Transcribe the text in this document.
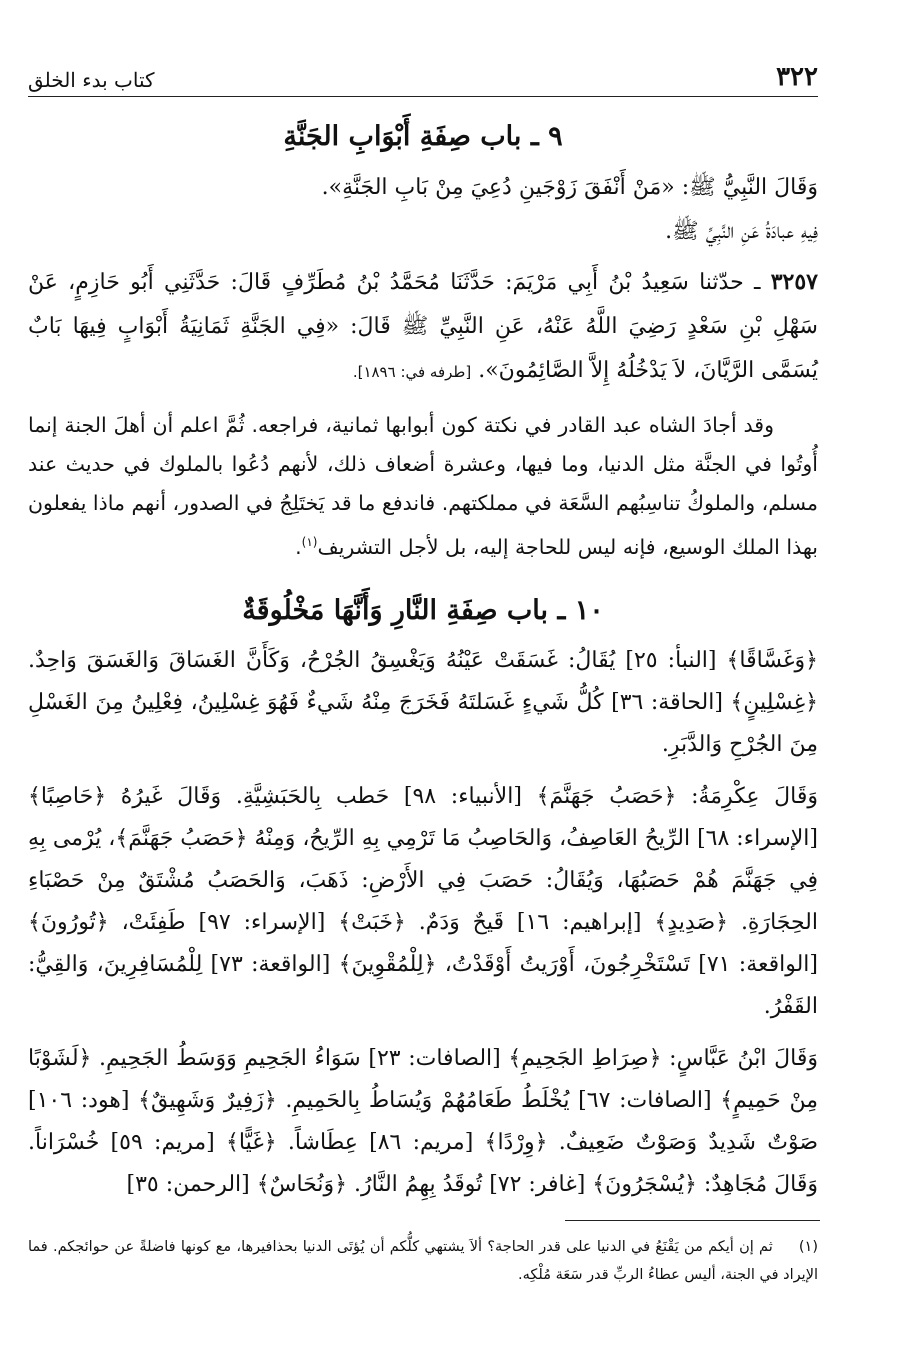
٣٢٢
كتاب بدء الخلق
٩ ـ باب صِفَةِ أَبْوَابِ الجَنَّةِ

وَقَالَ النَّبِيُّ ﷺ: «مَنْ أَنْفَقَ زَوْجَينِ دُعِيَ مِنْ بَابِ الجَنَّةِ».

فِيهِ عبادَةُ عَنِ النَّبِيِّ ﷺ.

٣٢٥٧ ـ حدّثنا سَعِيدُ بْنُ أَبِي مَرْيَمَ: حَدَّثَنَا مُحَمَّدُ بْنُ مُطَرِّفٍ قَالَ: حَدَّثَنِي أَبُو حَازِمٍ، عَنْ سَهْلِ بْنِ سَعْدٍ رَضِيَ اللَّهُ عَنْهُ، عَنِ النَّبِيِّ ﷺ قَالَ: «فِي الجَنَّةِ ثَمَانِيَةُ أَبْوَابٍ فِيهَا بَابٌ يُسَمَّى الرَّيَّانَ، لاَ يَدْخُلُهُ إِلاَّ الصَّائِمُونَ». [طرفه في: ١٨٩٦].

وقد أجادَ الشاه عبد القادر في نكتة كون أبوابها ثمانية، فراجعه. ثُمَّ اعلم أن أهلَ الجنة إنما أُوتُوا في الجنَّة مثل الدنيا، وما فيها، وعشرة أضعاف ذلك، لأنهم دُعُوا بالملوك في حديث عند مسلم، والملوكُ تناسِبُهم السَّعَة في مملكتهم. فاندفع ما قد يَختَلِجُ في الصدور، أنهم ماذا يفعلون بهذا الملك الوسيع، فإنه ليس للحاجة إليه، بل لأجل التشريف$^{(١)}$.

١٠ ـ باب صِفَةِ النَّارِ وَأَنَّهَا مَخْلُوقَةٌ

﴿وَغَسَّاقًا﴾ [النبأ: ٢٥] يُقَالُ: غَسَقَتْ عَيْنُهُ وَيَغْسِقُ الجُرْحُ، وَكَأَنَّ الغَسَاقَ وَالغَسَقَ وَاحِدٌ. ﴿غِسْلِينٍ﴾ [الحاقة: ٣٦] كُلُّ شَيءٍ غَسَلتَهُ فَخَرَجَ مِنْهُ شَيءٌ فَهُوَ غِسْلِينُ، فِعْلِينُ مِنَ الغَسْلِ مِنَ الجُرْحِ وَالدَّبَرِ.

وَقَالَ عِكْرِمَةُ: ﴿حَصَبُ جَهَنَّمَ﴾ [الأنبياء: ٩٨] حَطب بِالحَبَشِيَّةِ. وَقَالَ غَيرُهُ ﴿حَاصِبًا﴾ [الإسراء: ٦٨] الرِّيحُ العَاصِفُ، وَالحَاصِبُ مَا تَرْمِي بِهِ الرِّيحُ، وَمِنْهُ ﴿حَصَبُ جَهَنَّمَ﴾، يُرْمى بِهِ فِي جَهَنَّمَ هُمْ حَصَبُهَا، وَيُقَالُ: حَصَبَ فِي الأَرْضِ: ذَهَبَ، وَالحَصَبُ مُشْتَقٌ مِنْ حَصْبَاءِ الحِجَارَةِ. ﴿صَدِيدٍ﴾ [إبراهيم: ١٦] قَيحٌ وَدَمٌ. ﴿خَبَتْ﴾ [الإسراء: ٩٧] طَفِئَتْ، ﴿تُورُونَ﴾ [الواقعة: ٧١] تَسْتَخْرِجُونَ، أَوْرَيتُ أَوْقَدْتُ، ﴿لِلْمُقْوِينَ﴾ [الواقعة: ٧٣] لِلْمُسَافِرِينَ، وَالقِيُّ: القَفْرُ.

وَقَالَ ابْنُ عَبَّاسٍ: ﴿صِرَاطِ الجَحِيمِ﴾ [الصافات: ٢٣] سَوَاءُ الجَحِيمِ وَوَسَطُ الجَحِيمِ. ﴿لَشَوْبًا مِنْ حَمِيمٍ﴾ [الصافات: ٦٧] يُخْلَطُ طَعَامُهُمْ وَيُسَاطُ بِالحَمِيمِ. ﴿زَفِيرٌ وَشَهِيقٌ﴾ [هود: ١٠٦] صَوْتٌ شَدِيدٌ وَصَوْتٌ ضَعِيفٌ. ﴿وِرْدًا﴾ [مريم: ٨٦] عِطَاشاً. ﴿غَيًّا﴾ [مريم: ٥٩] خُسْرَاناً. وَقَالَ مُجَاهِدٌ: ﴿يُسْجَرُونَ﴾ [غافر: ٧٢] تُوقَدُ بِهِمُ النَّارُ. ﴿وَنُحَاسٌ﴾ [الرحمن: ٣٥]

(١) ثم إن أيكم من يَقْنَعُ في الدنيا على قدر الحاجة؟ ألاَ يشتهي كلُّكم أن يُؤتَى الدنيا بحذافيرها، مع كونها فاضلةً عن حوائجكم. فما الإيراد في الجنة، أليس عطاءُ الربِّ قدر سَعَة مُلْكِه.
